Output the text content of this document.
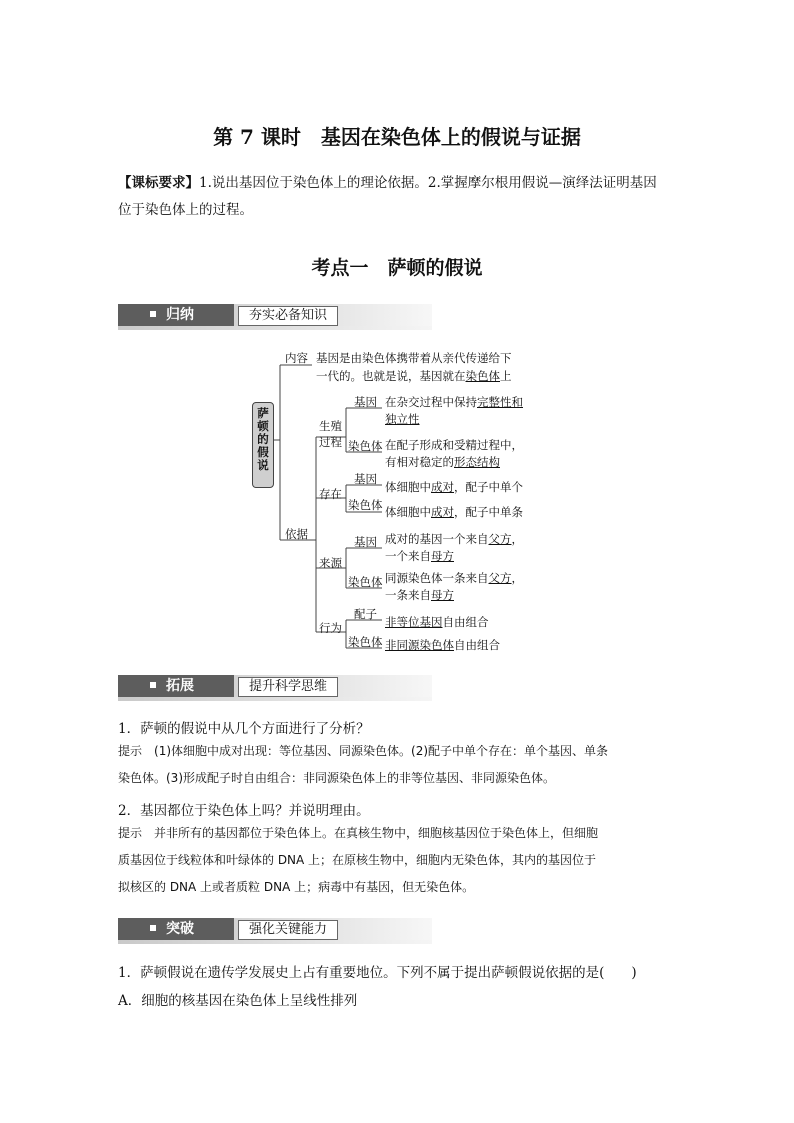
第 7 课时　基因在染色体上的假说与证据
【课标要求】1.说出基因位于染色体上的理论依据。2.掌握摩尔根用假说—演绎法证明基因
位于染色体上的过程。
考点一　萨顿的假说
归纳	夯实必备知识
萨顿的假说
内容 基因是由染色体携带着从亲代传递给下
一代的。也就是说，基因就在染色体上
依据
生殖
过程
基因 在杂交过程中保持完整性和
独立性
染色体 在配子形成和受精过程中，
有相对稳定的形态结构
存在
基因
体细胞中成对，配子中单个
染色体 体细胞中成对，配子中单条
来源
基因 成对的基因一个来自父方，
一个来自母方
染色体 同源染色体一条来自父方，
一条来自母方
行为
配子
非等位基因自由组合
染色体 非同源染色体自由组合
拓展	提升科学思维
1．萨顿的假说中从几个方面进行了分析？
提示　 (1)体细胞中成对出现：等位基因、同源染色体。(2)配子中单个存在：单个基因、单条
染色体。(3)形成配子时自由组合：非同源染色体上的非等位基因、非同源染色体。
2．基因都位于染色体上吗？并说明理由。
提示　 并非所有的基因都位于染色体上。在真核生物中，细胞核基因位于染色体上，但细胞
质基因位于线粒体和叶绿体的 DNA 上；在原核生物中，细胞内无染色体，其内的基因位于
拟核区的 DNA 上或者质粒 DNA 上；病毒中有基因，但无染色体。
突破	强化关键能力
1．萨顿假说在遗传学发展史上占有重要地位。下列不属于提出萨顿假说依据的是(　　)
A．细胞的核基因在染色体上呈线性排列
